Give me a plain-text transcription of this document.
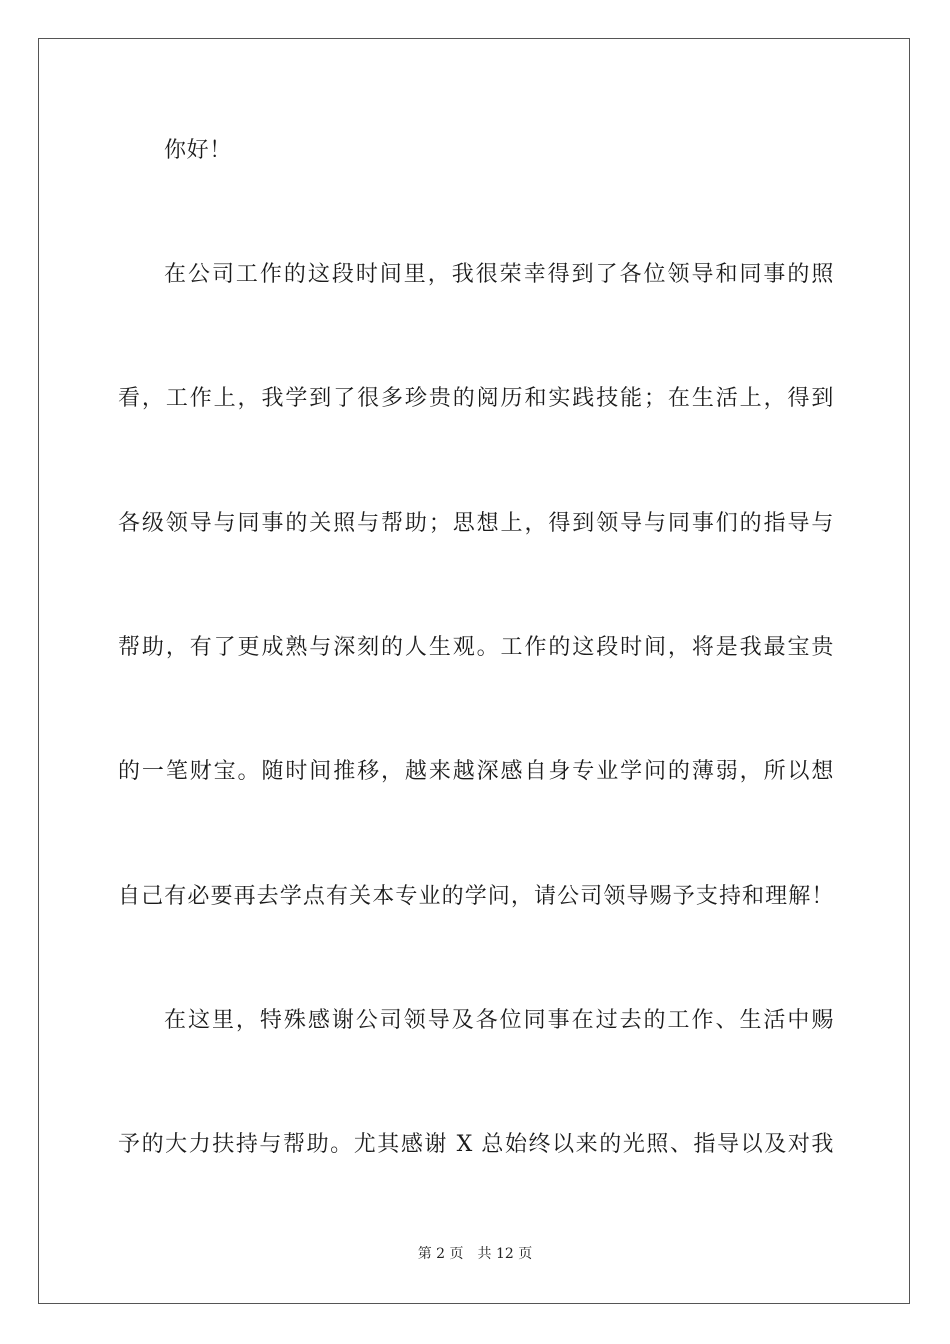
你好！
在公司工作的这段时间里，我很荣幸得到了各位领导和同事的照
看，工作上，我学到了很多珍贵的阅历和实践技能；在生活上，得到
各级领导与同事的关照与帮助；思想上，得到领导与同事们的指导与
帮助，有了更成熟与深刻的人生观。工作的这段时间，将是我最宝贵
的一笔财宝。随时间推移，越来越深感自身专业学问的薄弱，所以想
自己有必要再去学点有关本专业的学问，请公司领导赐予支持和理解！
在这里，特殊感谢公司领导及各位同事在过去的工作、生活中赐
予的大力扶持与帮助。尤其感谢 X 总始终以来的光照、指导以及对我
第 2 页 共 12 页
